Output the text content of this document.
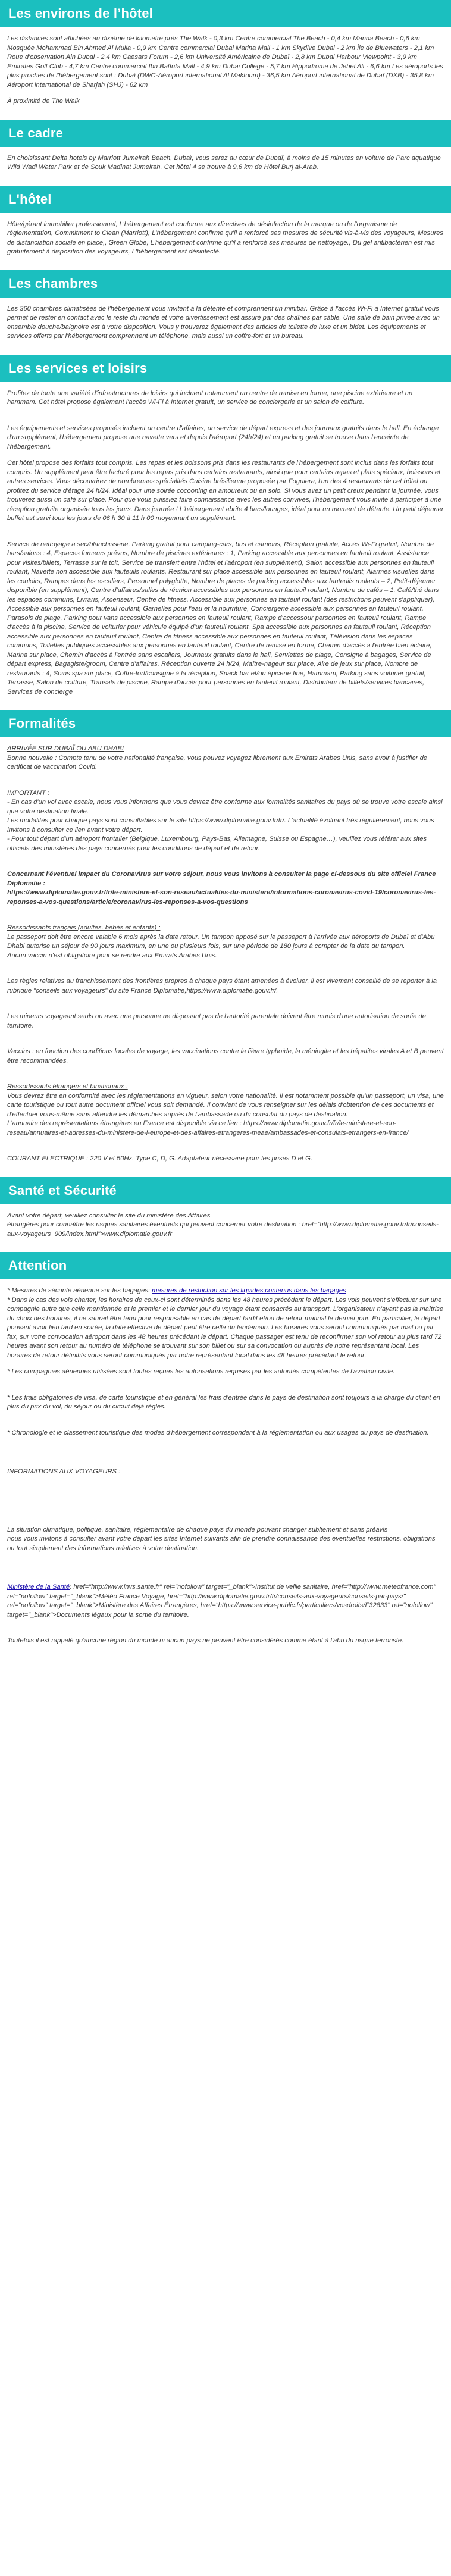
Les environs de l’hôtel

Les distances sont affichées au dixième de kilomètre près The Walk - 0,3 km Centre commercial The Beach - 0,4 km Marina Beach - 0,6 km Mosquée Mohammad Bin Ahmed Al Mulla - 0,9 km Centre commercial Dubai Marina Mall - 1 km Skydive Dubai - 2 km Île de Bluewaters - 2,1 km Roue d'observation Ain Dubai - 2,4 km Caesars Forum - 2,6 km Université Américaine de Dubaï - 2,8 km Dubai Harbour Viewpoint - 3,9 km Emirates Golf Club - 4,7 km Centre commercial Ibn Battuta Mall - 4,9 km Dubai College - 5,7 km Hippodrome de Jebel Ali - 6,6 km Les aéroports les plus proches de l'hébergement sont : Dubaï (DWC-Aéroport international Al Maktoum) - 36,5 km Aéroport international de Dubaï (DXB) - 35,8 km Aéroport international de Sharjah (SHJ) - 62 km

À proximité de The Walk

Le cadre

En choisissant Delta hotels by Marriott Jumeirah Beach, Dubaï, vous serez au cœur de Dubaï, à moins de 15 minutes en voiture de Parc aquatique Wild Wadi Water Park et de Souk Madinat Jumeirah. Cet hôtel 4 se trouve à 9,6 km de Hôtel Burj al-Arab.

L'hôtel

Hôte/gérant immobilier professionnel, L'hébergement est conforme aux directives de désinfection de la marque ou de l'organisme de réglementation, Commitment to Clean (Marriott), L'hébergement confirme qu'il a renforcé ses mesures de sécurité vis-à-vis des voyageurs, Mesures de distanciation sociale en place,, Green Globe, L'hébergement confirme qu'il a renforcé ses mesures de nettoyage., Du gel antibactérien est mis gratuitement à disposition des voyageurs, L'hébergement est désinfecté.

Les chambres

Les 360 chambres climatisées de l'hébergement vous invitent à la détente et comprennent un minibar. Grâce à l'accès Wi-Fi à Internet gratuit vous permet de rester en contact avec le reste du monde et votre divertissement est assuré par des chaînes par câble. Une salle de bain privée avec un ensemble douche/baignoire est à votre disposition. Vous y trouverez également des articles de toilette de luxe et un bidet. Les équipements et services offerts par l'hébergement comprennent un téléphone, mais aussi un coffre-fort et un bureau.

Les services et loisirs

Profitez de toute une variété d'infrastructures de loisirs qui incluent notamment un centre de remise en forme, une piscine extérieure et un hammam. Cet hôtel propose également l'accès Wi-Fi à Internet gratuit, un service de conciergerie et un salon de coiffure.

Les équipements et services proposés incluent un centre d'affaires, un service de départ express et des journaux gratuits dans le hall. En échange d'un supplément, l'hébergement propose une navette vers et depuis l'aéroport (24h/24) et un parking gratuit se trouve dans l'enceinte de l'hébergement.

Cet hôtel propose des forfaits tout compris. Les repas et les boissons pris dans les restaurants de l'hébergement sont inclus dans les forfaits tout compris. Un supplément peut être facturé pour les repas pris dans certains restaurants, ainsi que pour certains repas et plats spéciaux, boissons et autres services. Vous découvrirez de nombreuses spécialités Cuisine brésilienne proposée par Foguiera, l'un des 4 restaurants de cet hôtel ou profitez du service d'étage 24 h/24. Idéal pour une soirée cocooning en amoureux ou en solo. Si vous avez un petit creux pendant la journée, vous trouverez aussi un café sur place. Pour que vous puissiez faire connaissance avec les autres convives, l'hébergement vous invite à participer à une réception gratuite organisée tous les jours. Dans journée ! L'hébergement abrite 4 bars/lounges, idéal pour un moment de détente. Un petit déjeuner buffet est servi tous les jours de 06 h 30 à 11 h 00 moyennant un supplément.

Service de nettoyage à sec/blanchisserie, Parking gratuit pour camping-cars, bus et camions, Réception gratuite, Accès Wi-Fi gratuit, Nombre de bars/salons : 4, Espaces fumeurs prévus, Nombre de piscines extérieures : 1, Parking accessible aux personnes en fauteuil roulant, Assistance pour visites/billets, Terrasse sur le toit, Service de transfert entre l'hôtel et l'aéroport (en supplément), Salon accessible aux personnes en fauteuil roulant, Navette non accessible aux fauteuils roulants, Restaurant sur place accessible aux personnes en fauteuil roulant, Alarmes visuelles dans les couloirs, Rampes dans les escaliers, Personnel polyglotte, Nombre de places de parking accessibles aux fauteuils roulants – 2, Petit-déjeuner disponible (en supplément), Centre d'affaires/salles de réunion accessibles aux personnes en fauteuil roulant, Nombre de cafés – 1, Café/thé dans les espaces communs, Livraris, Ascenseur, Centre de fitness, Accessible aux personnes en fauteuil roulant (des restrictions peuvent s'appliquer), Accessible aux personnes en fauteuil roulant, Garnelles pour l'eau et la nourriture, Conciergerie accessible aux personnes en fauteuil roulant, Parasols de plage, Parking pour vans accessible aux personnes en fauteuil roulant, Rampe d'accessour personnes en fauteuil roulant, Rampe d'accès à la piscine, Service de voiturier pour véhicule équipé d'un fauteuil roulant, Spa accessible aux personnes en fauteuil roulant, Réception accessible aux personnes en fauteuil roulant, Centre de fitness accessible aux personnes en fauteuil roulant, Télévision dans les espaces communs, Toilettes publiques accessibles aux personnes en fauteuil roulant, Centre de remise en forme, Chemin d'accès à l'entrée bien éclairé, Marina sur place, Chemin d'accès à l'entrée sans escaliers, Journaux gratuits dans le hall, Serviettes de plage, Consigne à bagages, Service de départ express, Bagagiste/groom, Centre d'affaires, Réception ouverte 24 h/24, Maître-nageur sur place, Aire de jeux sur place, Nombre de restaurants : 4, Soins spa sur place, Coffre-fort/consigne à la réception, Snack bar et/ou épicerie fine, Hammam, Parking sans voiturier gratuit, Terrasse, Salon de coiffure, Transats de piscine, Rampe d'accès pour personnes en fauteuil roulant, Distributeur de billets/services bancaires, Services de concierge

Formalités

ARRIVÉE SUR DUBAÏ OU ABU DHABI

Bonne nouvelle : Compte tenu de votre nationalité française, vous pouvez voyagez librement aux Emirats Arabes Unis, sans avoir à justifier de certificat de vaccination Covid.

IMPORTANT :

- En cas d'un vol avec escale, nous vous informons que vous devrez être conforme aux formalités sanitaires du pays où se trouve votre escale ainsi que votre destination finale.

Les modalités pour chaque pays sont consultables sur le site https://www.diplomatie.gouv.fr/fr/. L'actualité évoluant très régulièrement, nous vous invitons à consulter ce lien avant votre départ.

- Pour tout départ d'un aéroport frontalier (Belgique, Luxembourg, Pays-Bas, Allemagne, Suisse ou Espagne…), veuillez vous référer aux sites officiels des ministères des pays concernés pour les conditions de départ et de retour.

Concernant l'éventuel impact du Coronavirus sur votre séjour, nous vous invitons à consulter la page ci-dessous du site officiel France Diplomatie :

https://www.diplomatie.gouv.fr/fr/le-ministere-et-son-reseau/actualites-du-ministere/informations-coronavirus-covid-19/coronavirus-les-reponses-a-vos-questions/article/coronavirus-les-reponses-a-vos-questions

Ressortissants français (adultes, bébés et enfants) :

Le passeport doit être encore valable 6 mois après la date retour. Un tampon apposé sur le passeport à l'arrivée aux aéroports de Dubaï et d'Abu Dhabi autorise un séjour de 90 jours maximum, en une ou plusieurs fois, sur une période de 180 jours à compter de la date du tampon.

Aucun vaccin n'est obligatoire pour se rendre aux Emirats Arabes Unis.

Les règles relatives au franchissement des frontières propres à chaque pays étant amenées à évoluer, il est vivement conseillé de se reporter à la rubrique "conseils aux voyageurs" du site France Diplomatie,https://www.diplomatie.gouv.fr/.

Les mineurs voyageant seuls ou avec une personne ne disposant pas de l'autorité parentale doivent être munis d'une autorisation de sortie de territoire.

Vaccins : en fonction des conditions locales de voyage, les vaccinations contre la fièvre typhoïde, la méningite et les hépatites virales A et B peuvent être recommandées.

Ressortissants étrangers et binationaux :

Vous devrez être en conformité avec les réglementations en vigueur, selon votre nationalité. Il est notamment possible qu'un passeport, un visa, une carte touristique ou tout autre document officiel vous soit demandé. Il convient de vous renseigner sur les délais d'obtention de ces documents et d'effectuer vous-même sans attendre les démarches auprès de l'ambassade ou du consulat du pays de destination.

L'annuaire des représentations étrangères en France est disponible via ce lien : https://www.diplomatie.gouv.fr/fr/le-ministere-et-son-reseau/annuaires-et-adresses-du-ministere-de-l-europe-et-des-affaires-etrangeres-meae/ambassades-et-consulats-etrangers-en-france/

COURANT ELECTRIQUE : 220 V et 50Hz. Type C, D, G. Adaptateur nécessaire pour les prises D et G.

Santé et Sécurité

Avant votre départ, veuillez consulter le site du ministère des Affaires

étrangères pour connaître les risques sanitaires éventuels qui peuvent concerner votre destination : href="http://www.diplomatie.gouv.fr/fr/conseils-aux-voyageurs_909/index.html">www.diplomatie.gouv.fr

Attention

* Mesures de sécurité aérienne sur les bagages: mesures de restriction sur les liquides contenus dans les bagages

* Dans le cas des vols charter, les horaires de ceux-ci sont déterminés dans les 48 heures précédant le départ. Les vols peuvent s'effectuer sur une compagnie autre que celle mentionnée et le premier et le dernier jour du voyage étant consacrés au transport. L'organisateur n'ayant pas la maîtrise du choix des horaires, il ne saurait être tenu pour responsable en cas de départ tardif et/ou de retour matinal le dernier jour. En particulier, le départ pouvant avoir lieu tard en soirée, la date effective de départ peut être celle du lendemain. Les horaires vous seront communiqués par mail ou par fax, sur votre convocation aéroport dans les 48 heures précédant le départ. Chaque passager est tenu de reconfirmer son vol retour au plus tard 72 heures avant son retour au numéro de téléphone se trouvant sur son billet ou sur sa convocation ou auprès de notre représentant local. Les horaires de retour définitifs vous seront communiqués par notre représentant local dans les 48 heures précédant le retour.

* Les compagnies aériennes utilisées sont toutes reçues les autorisations requises par les autorités compétentes de l'aviation civile.

* Les frais obligatoires de visa, de carte touristique et en général les frais d'entrée dans le pays de destination sont toujours à la charge du client en plus du prix du vol, du séjour ou du circuit déjà réglés.

* Chronologie et le classement touristique des modes d'hébergement correspondent à la réglementation ou aux usages du pays de destination.

INFORMATIONS AUX VOYAGEURS :

La situation climatique, politique, sanitaire, réglementaire de chaque pays du monde pouvant changer subitement et sans préavis

nous vous invitons à consulter avant votre départ les sites Internet suivants afin de prendre connaissance des éventuelles restrictions, obligations ou tout simplement des informations relatives à votre destination.

Ministère de la Santé: href="http://www.invs.sante.fr" rel="nofollow" target="_blank">Institut de veille sanitaire, href="http://www.meteofrance.com" rel="nofollow" target="_blank">Météo France Voyage, href="http://www.diplomatie.gouv.fr/fr/conseils-aux-voyageurs/conseils-par-pays/" rel="nofollow" target="_blank">Ministère des Affaires Étrangères, href="https://www.service-public.fr/particuliers/vosdroits/F32833" rel="nofollow" target="_blank">Documents légaux pour la sortie du territoire.

Toutefois il est rappelé qu'aucune région du monde ni aucun pays ne peuvent être considérés comme étant à l'abri du risque terroriste.
